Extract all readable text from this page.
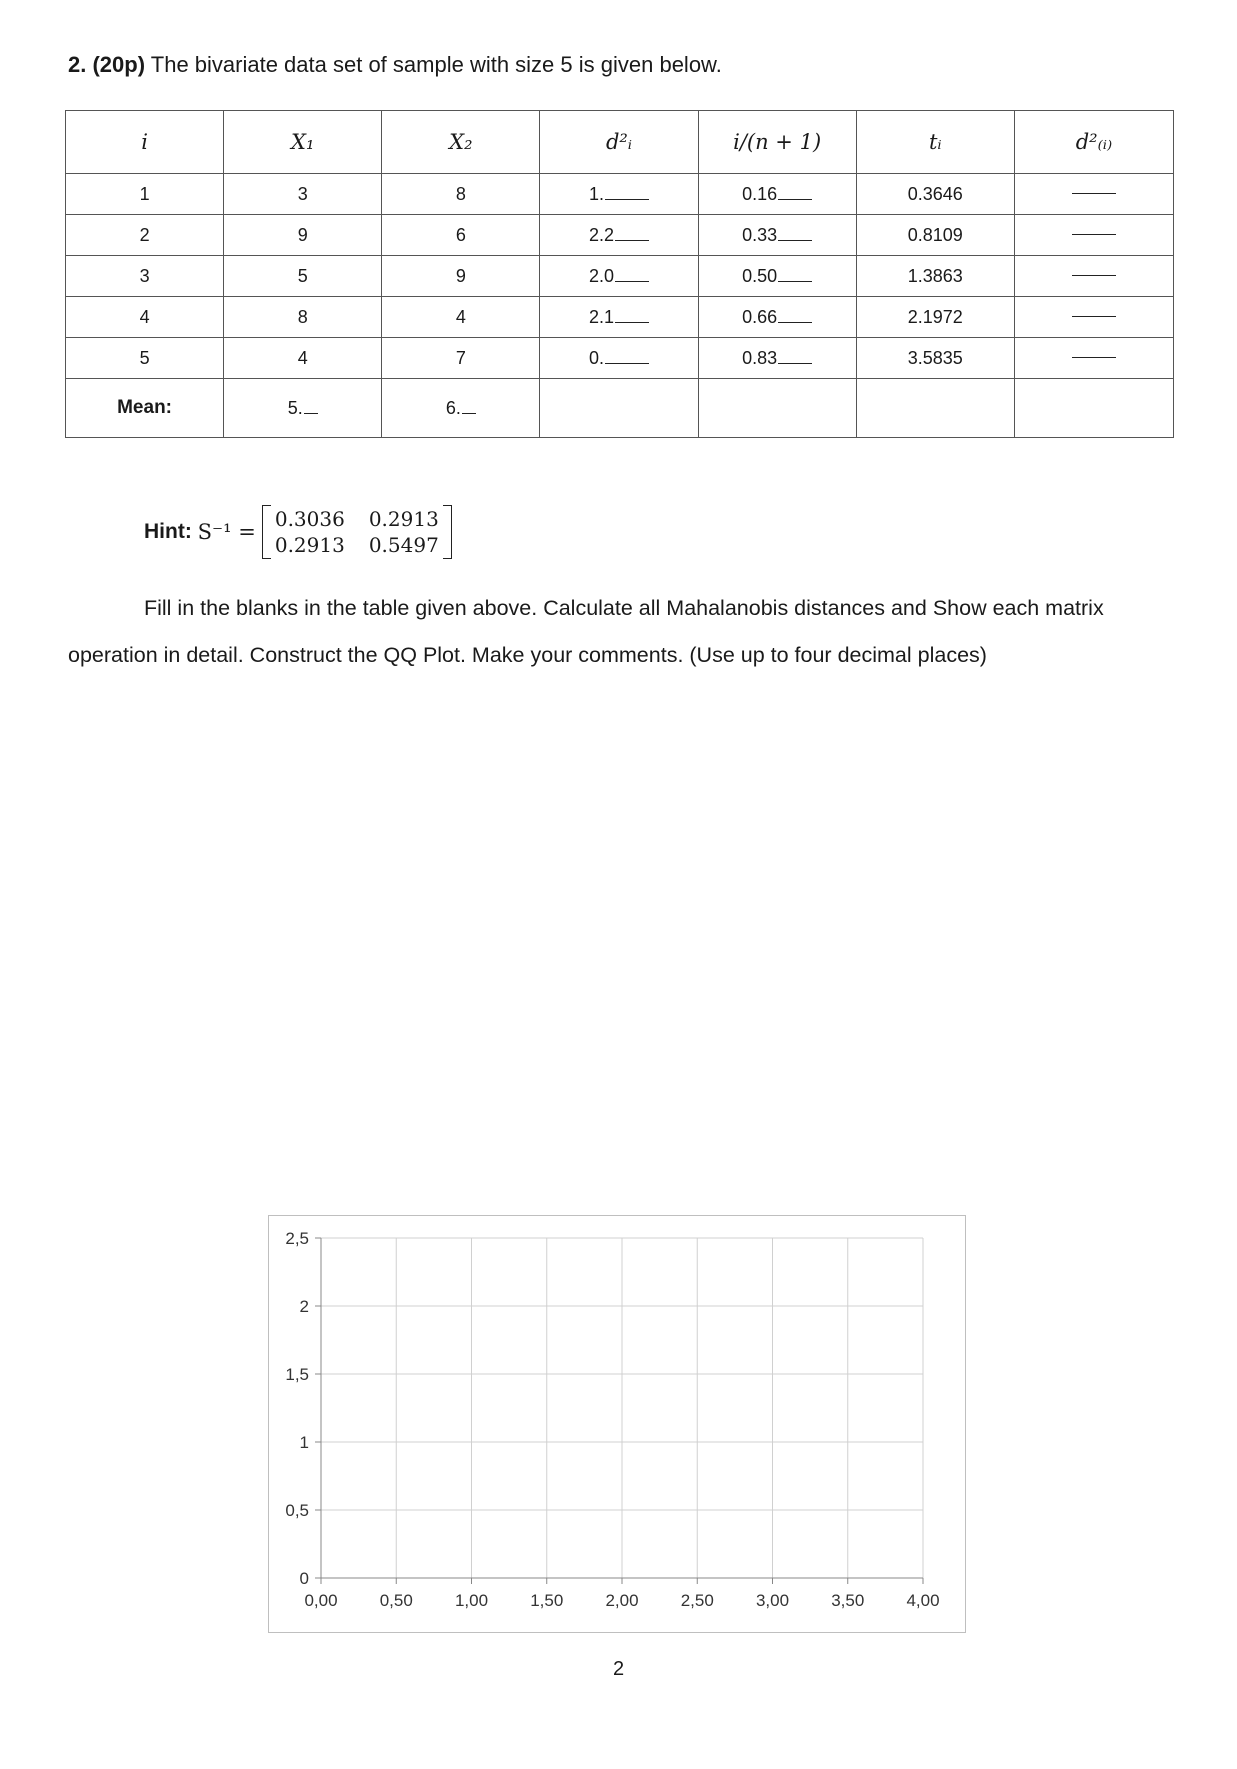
2. (20p) The bivariate data set of sample with size 5 is given below.
i	X₁	X₂	d²ᵢ	i/(n + 1)	tᵢ	d²₍ᵢ₎
1	3	8	1.	0.16	0.3646	
2	9	6	2.2	0.33	0.8109	
3	5	9	2.0	0.50	1.3863	
4	8	4	2.1	0.66	2.1972	
5	4	7	0.	0.83	3.5835	
Mean:	5.	6.				
Hint:
S⁻¹ =
0.3036 0.2913
0.2913 0.5497
Fill in the blanks in the table given above. Calculate all Mahalanobis distances and Show each matrix
operation in detail. Construct the QQ Plot. Make your comments. (Use up to four decimal places)
0,00 0,50 1,00 1,50 2,00 2,50 3,00 3,50 4,00
0
0,5
1
1,5
2
2,5
2
